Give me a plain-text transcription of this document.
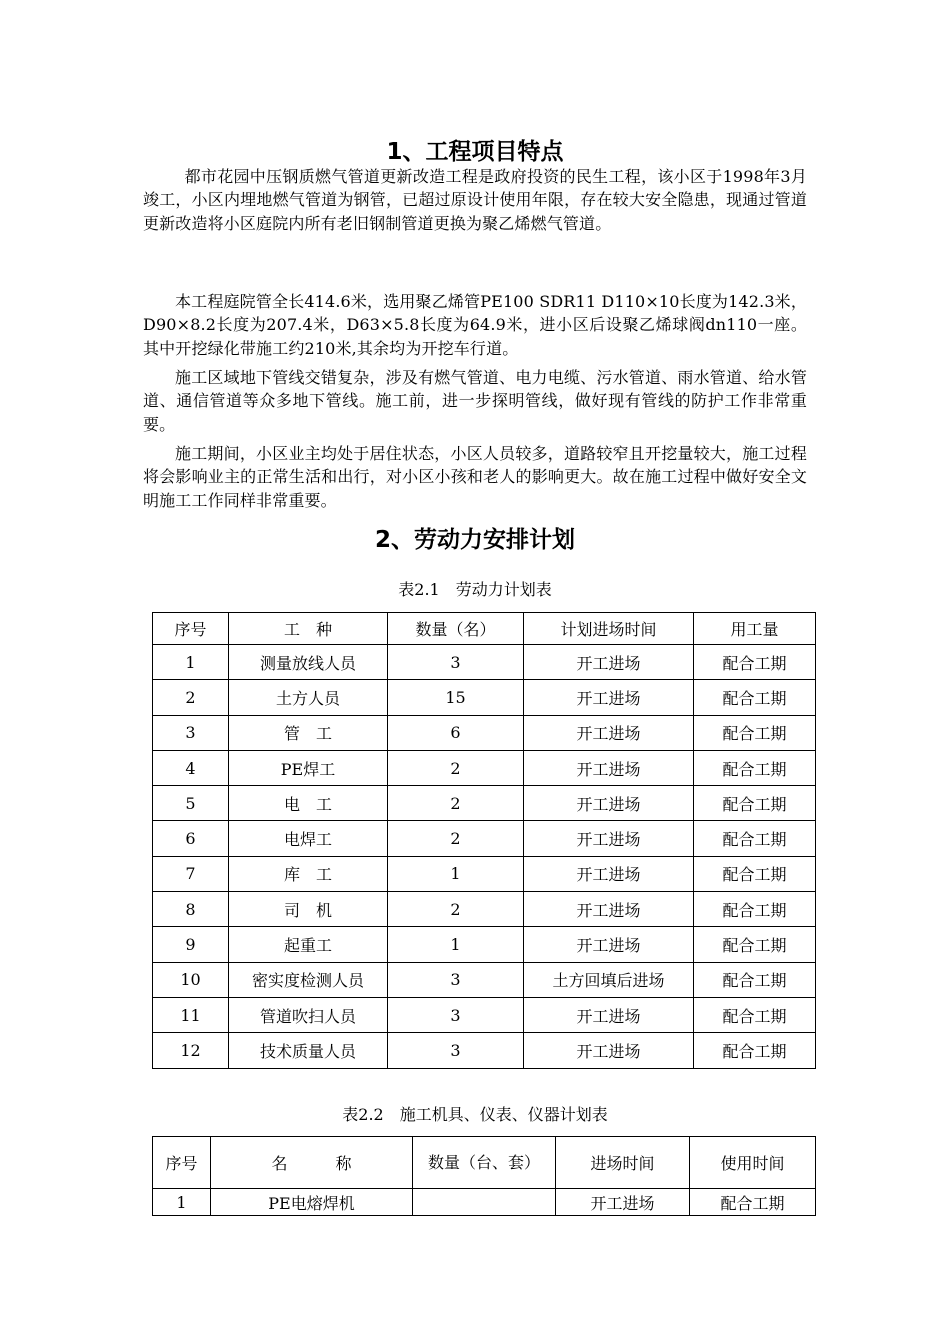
1、工程项目特点

都市花园中压钢质燃气管道更新改造工程是政府投资的民生工程，该小区于1998年3月竣工，小区内埋地燃气管道为钢管，已超过原设计使用年限，存在较大安全隐患，现通过管道更新改造将小区庭院内所有老旧钢制管道更换为聚乙烯燃气管道。

本工程庭院管全长414.6米，选用聚乙烯管PE100 SDR11 D110×10长度为142.3米，D90×8.2长度为207.4米，D63×5.8长度为64.9米，进小区后设聚乙烯球阀dn110一座。 其中开挖绿化带施工约210米,其余均为开挖车行道。

施工区域地下管线交错复杂，涉及有燃气管道、电力电缆、污水管道、雨水管道、给水管道、通信管道等众多地下管线。施工前，进一步探明管线，做好现有管线的防护工作非常重要。

施工期间，小区业主均处于居住状态，小区人员较多，道路较窄且开挖量较大，施工过程将会影响业主的正常生活和出行，对小区小孩和老人的影响更大。故在施工过程中做好安全文明施工工作同样非常重要。

2、劳动力安排计划
表2.1　劳动力计划表
序号	工　种	数量（名）	计划进场时间	用工量
1	测量放线人员	3	开工进场	配合工期
2	土方人员	15	开工进场	配合工期
3	管　工	6	开工进场	配合工期
4	PE焊工	2	开工进场	配合工期
5	电　工	2	开工进场	配合工期
6	电焊工	2	开工进场	配合工期
7	库　工	1	开工进场	配合工期
8	司　机	2	开工进场	配合工期
9	起重工	1	开工进场	配合工期
10	密实度检测人员	3	土方回填后进场	配合工期
11	管道吹扫人员	3	开工进场	配合工期
12	技术质量人员	3	开工进场	配合工期
表2.2　施工机具、仪表、仪器计划表
序号	名　　　称	数量（台、套）	进场时间	使用时间
1	PE电熔焊机		开工进场	配合工期
